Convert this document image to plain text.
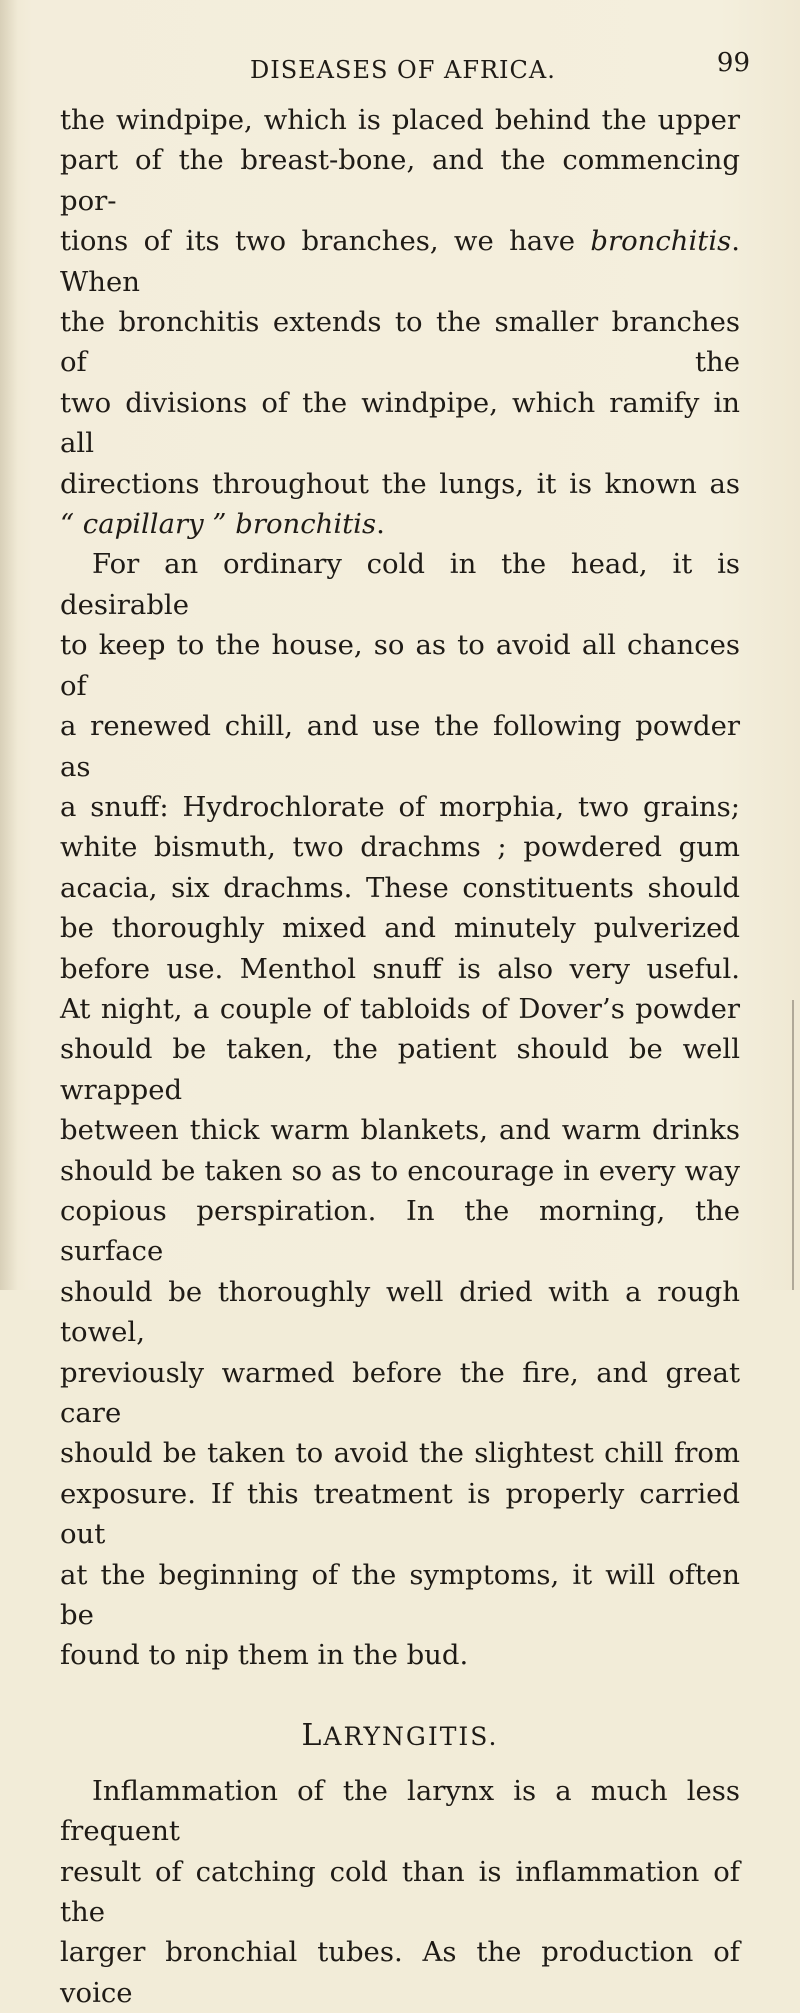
DISEASES OF AFRICA.	99
the windpipe, which is placed behind the upper
part of the breast-bone, and the commencing por-
tions of its two branches, we have bronchitis. When
the bronchitis extends to the smaller branches of the
two divisions of the windpipe, which ramify in all
directions throughout the lungs, it is known as
“ capillary ” bronchitis.
For an ordinary cold in the head, it is desirable
to keep to the house, so as to avoid all chances of
a renewed chill, and use the following powder as
a snuff: Hydrochlorate of morphia, two grains;
white bismuth, two drachms ; powdered gum
acacia, six drachms. These constituents should
be thoroughly mixed and minutely pulverized
before use. Menthol snuff is also very useful.
At night, a couple of tabloids of Dover’s powder
should be taken, the patient should be well wrapped
between thick warm blankets, and warm drinks
should be taken so as to encourage in every way
copious perspiration. In the morning, the surface
should be thoroughly well dried with a rough towel,
previously warmed before the fire, and great care
should be taken to avoid the slightest chill from
exposure. If this treatment is properly carried out
at the beginning of the symptoms, it will often be
found to nip them in the bud.
LARYNGITIS.
Inflammation of the larynx is a much less frequent
result of catching cold than is inflammation of the
larger bronchial tubes. As the production of voice
